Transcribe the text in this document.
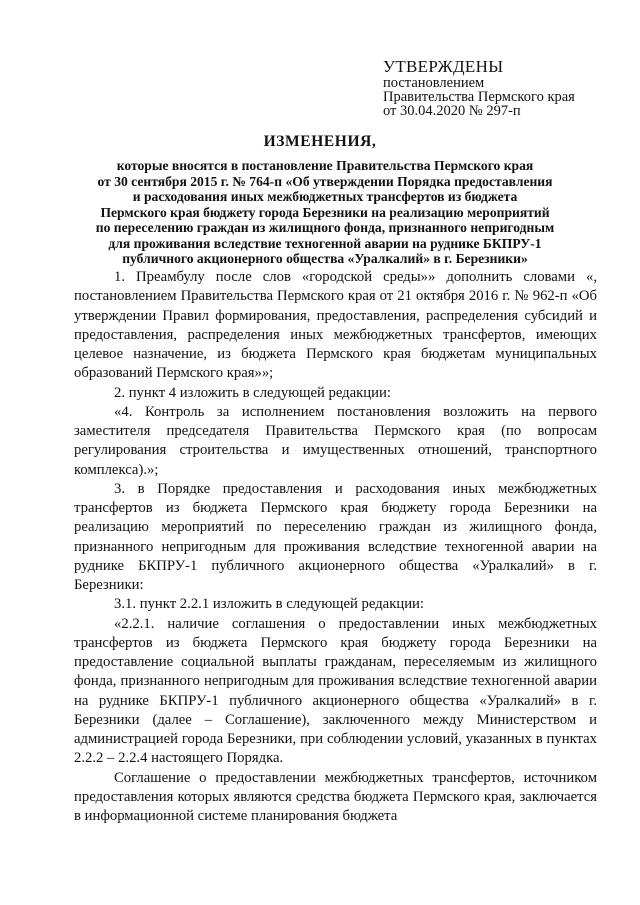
УТВЕРЖДЕНЫ
постановлением
Правительства Пермского края
от 30.04.2020 № 297-п
ИЗМЕНЕНИЯ,
которые вносятся в постановление Правительства Пермского края
от 30 сентября 2015 г. № 764-п «Об утверждении Порядка предоставления
и расходования иных межбюджетных трансфертов из бюджета
Пермского края бюджету города Березники на реализацию мероприятий
по переселению граждан из жилищного фонда, признанного непригодным
для проживания вследствие техногенной аварии на руднике БКПРУ-1
публичного акционерного общества «Уралкалий» в г. Березники»

1. Преамбулу после слов «городской среды»» дополнить словами «, постановлением Правительства Пермского края от 21 октября 2016 г. № 962-п «Об утверждении Правил формирования, предоставления, распределения субсидий и предоставления, распределения иных межбюджетных трансфертов, имеющих целевое назначение, из бюджета Пермского края бюджетам муниципальных образований Пермского края»»;

2. пункт 4 изложить в следующей редакции:

«4. Контроль за исполнением постановления возложить на первого заместителя председателя Правительства Пермского края (по вопросам регулирования строительства и имущественных отношений, транспортного комплекса).»;

3. в Порядке предоставления и расходования иных межбюджетных трансфертов из бюджета Пермского края бюджету города Березники на реализацию мероприятий по переселению граждан из жилищного фонда, признанного непригодным для проживания вследствие техногенной аварии на руднике БКПРУ-1 публичного акционерного общества «Уралкалий» в г. Березники:

3.1. пункт 2.2.1 изложить в следующей редакции:

«2.2.1. наличие соглашения о предоставлении иных межбюджетных трансфертов из бюджета Пермского края бюджету города Березники на предоставление социальной выплаты гражданам, переселяемым из жилищного фонда, признанного непригодным для проживания вследствие техногенной аварии на руднике БКПРУ-1 публичного акционерного общества «Уралкалий» в г. Березники (далее – Соглашение), заключенного между Министерством и администрацией города Березники, при соблюдении условий, указанных в пунктах 2.2.2 – 2.2.4 настоящего Порядка.

Соглашение о предоставлении межбюджетных трансфертов, источником предоставления которых являются средства бюджета Пермского края, заключается в информационной системе планирования бюджета
